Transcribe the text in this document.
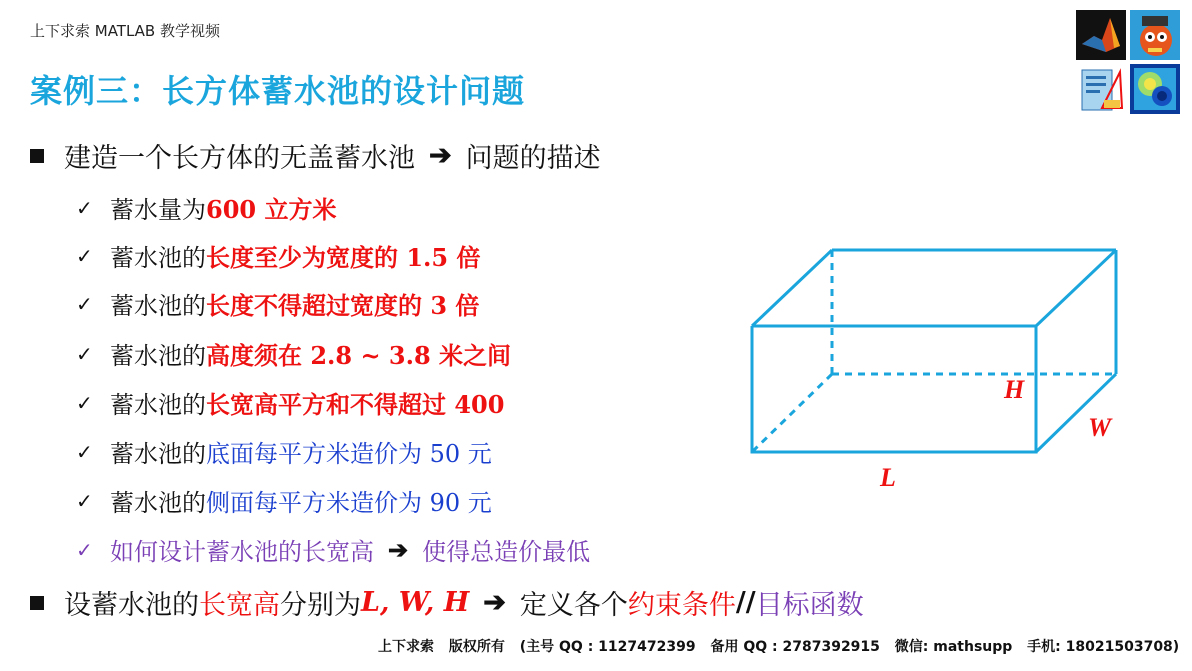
上下求索 MATLAB 教学视频
案例三：长方体蓄水池的设计问题
建造一个长方体的无盖蓄水池 ➔ 问题的描述
✓ 蓄水量为 600 立方米
✓ 蓄水池的 长度至少为宽度的 1.5 倍
✓ 蓄水池的 长度不得超过宽度的 3 倍
✓ 蓄水池的 高度须在 2.8 ~ 3.8 米之间
✓ 蓄水池的 长宽高平方和不得超过 400
✓ 蓄水池的 底面每平方米造价为 50 元
✓ 蓄水池的 侧面每平方米造价为 90 元
✓ 如何设计蓄水池的长宽高 ➔ 使得总造价最低
设蓄水池的 长宽高 分别为 L, W, H ➔ 定义各个 约束条件 // 目标函数
H
W
L
上下求索 版权所有 (主号 QQ : 1127472399 备用 QQ : 2787392915 微信: mathsupp 手机: 18021503708)
